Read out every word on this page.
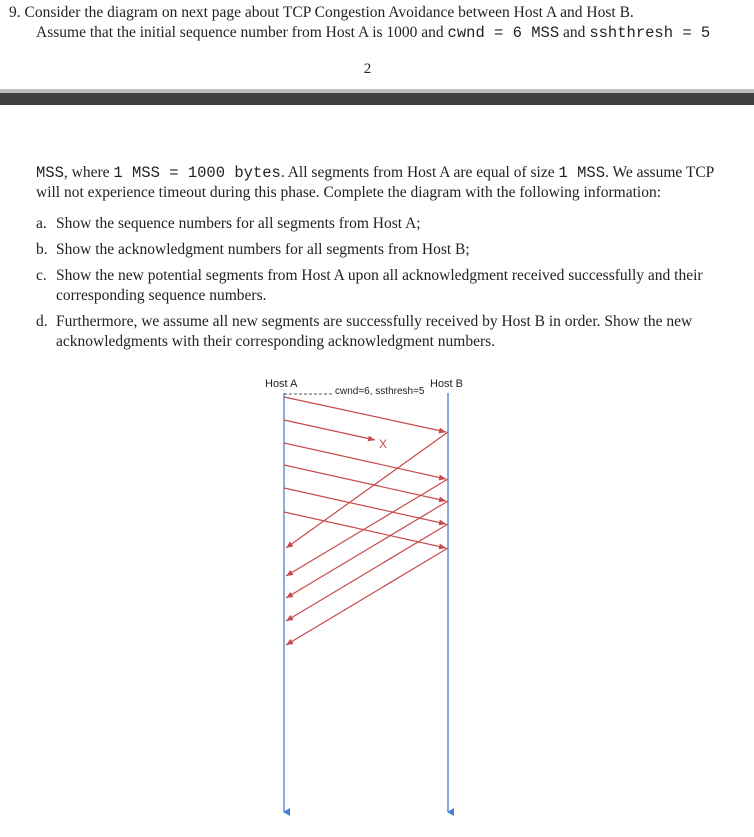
9. Consider the diagram on next page about TCP Congestion Avoidance between Host A and Host B.
Assume that the initial sequence number from Host A is 1000 and cwnd = 6 MSS and sshthresh = 5
2
MSS, where 1 MSS = 1000 bytes. All segments from Host A are equal of size 1 MSS. We assume TCP will not experience timeout during this phase. Complete the diagram with the following information:
a. Show the sequence numbers for all segments from Host A;
b. Show the acknowledgment numbers for all segments from Host B;
c. Show the new potential segments from Host A upon all acknowledgment received successfully and their corresponding sequence numbers.
d. Furthermore, we assume all new segments are successfully received by Host B in order. Show the new acknowledgments with their corresponding acknowledgment numbers.
Host A	Host B
cwnd=6, ssthresh=5
X
